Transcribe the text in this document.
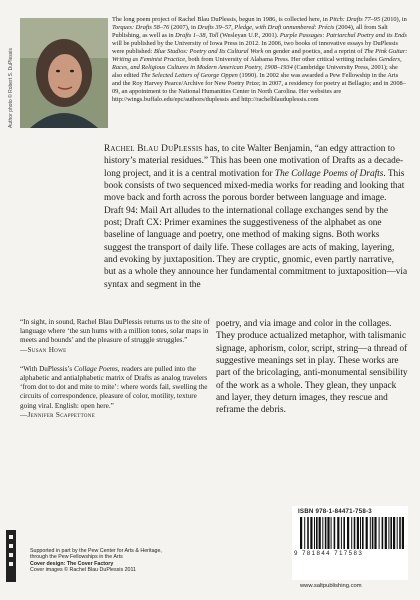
Author photo © Robert S. DuPlessis
The long poem project of Rachel Blau DuPlessis, begun in 1986, is collected here, in Pitch: Drafts 77–95 (2010), in Torques: Drafts 58–76 (2007), in Drafts 39–57, Pledge, with Draft unnumbered: Précis (2004), all from Salt Publishing, as well as in Drafts 1–38, Toll (Wesleyan U.P., 2001). Purple Passages: Patriarchal Poetry and its Ends will be published by the University of Iowa Press in 2012. In 2006, two books of innovative essays by DuPlessis were published: Blue Studios: Poetry and Its Cultural Work on gender and poetics, and a reprint of The Pink Guitar: Writing as Feminist Practice, both from University of Alabama Press. Her other critical writing includes Genders, Races, and Religious Cultures in Modern American Poetry, 1908–1934 (Cambridge University Press, 2001); she also edited The Selected Letters of George Oppen (1990). In 2002 she was awarded a Pew Fellowship in the Arts and the Roy Harvey Pearce/Archive for New Poetry Prize; in 2007, a residency for poetry at Bellagio; and in 2008–09, an appointment to the National Humanities Center in North Carolina. Her websites are http://wings.buffalo.edu/epc/authors/duplessis and http://rachelblauduplessis.com
Rachel Blau DuPlessis has, to cite Walter Benjamin, “an edgy attraction to history’s material residues.” This has been one motivation of Drafts as a decade-long project, and it is a central motivation for The Collage Poems of Drafts. This book consists of two sequenced mixed-media works for reading and looking that move back and forth across the porous border between language and image. Draft 94: Mail Art alludes to the international collage exchanges send by the post; Draft CX: Primer examines the suggestiveness of the alphabet as one baseline of language and poetry, one method of making signs. Both works suggest the transport of daily life. These collages are acts of making, layering, and evoking by juxtaposition. They are cryptic, gnomic, even partly narrative, but as a whole they announce her fundamental commitment to juxtaposition—via syntax and segment in the
“In sight, in sound, Rachel Blau DuPlessis returns us to the site of language where ‘the sun hums with a million tones, solar maps in meets and bounds’ and the pleasure of struggle struggles.”
—Susan Howe
“With DuPlessis’s Collage Poems, readers are pulled into the alphabetic and antialphabetic matrix of Drafts as analog travelers ‘from dot to dot and mite to mite’: where words fail, swelling the circuits of correspondence, pleasure of color, motility, texture going viral. English: open here.”
—Jennifer Scappettone
poetry, and via image and color in the collages. They produce actualized metaphor, with talismanic signage, aphorism, color, script, string—a thread of suggestive meanings set in play. These works are part of the bricolaging, anti-monumental sensibility of the work as a whole. They glean, they unpack and layer, they deturn images, they rescue and reframe the debris.
Supported in part by the Pew Center for Arts & Heritage,
through the Pew Fellowships in the Arts
Cover design: The Cover Factory
Cover images © Rachel Blau DuPlessis 2011
ISBN 978-1-84471-758-3
9 781844 717583
www.saltpublishing.com
